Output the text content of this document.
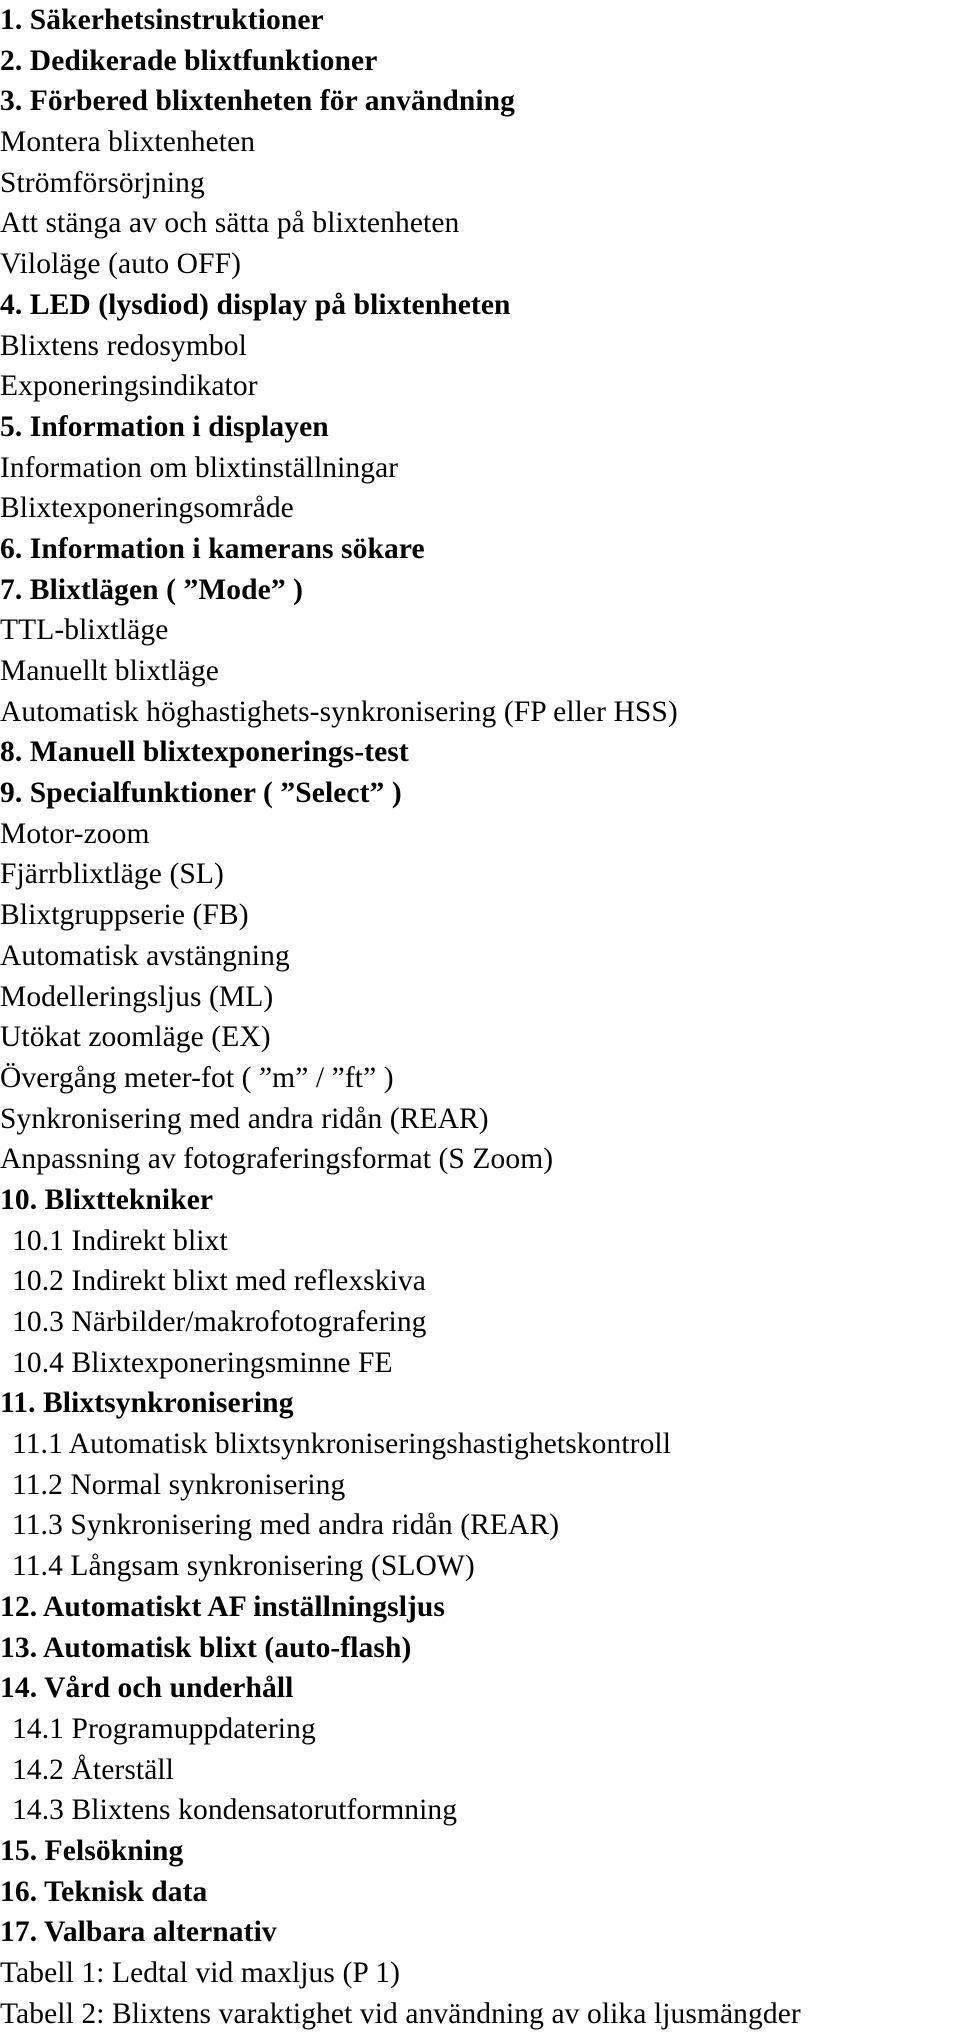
1. Säkerhetsinstruktioner
2. Dedikerade blixtfunktioner
3. Förbered blixtenheten för användning
Montera blixtenheten
Strömförsörjning
Att stänga av och sätta på blixtenheten
Viloläge (auto OFF)
4. LED (lysdiod) display på blixtenheten
Blixtens redosymbol
Exponeringsindikator
5. Information i displayen
Information om blixtinställningar
Blixtexponeringsområde
6. Information i kamerans sökare
7. Blixtlägen ( ”Mode” )
TTL-blixtläge
Manuellt blixtläge
Automatisk höghastighets-synkronisering (FP eller HSS)
8. Manuell blixtexponerings-test
9. Specialfunktioner ( ”Select” )
Motor-zoom
Fjärrblixtläge (SL)
Blixtgruppserie (FB)
Automatisk avstängning
Modelleringsljus (ML)
Utökat zoomläge (EX)
Övergång meter-fot ( ”m” / ”ft” )
Synkronisering med andra ridån (REAR)
Anpassning av fotograferingsformat (S Zoom)
10. Blixttekniker
10.1 Indirekt blixt
10.2 Indirekt blixt med reflexskiva
10.3 Närbilder/makrofotografering
10.4 Blixtexponeringsminne FE
11. Blixtsynkronisering
11.1 Automatisk blixtsynkroniseringshastighetskontroll
11.2 Normal synkronisering
11.3 Synkronisering med andra ridån (REAR)
11.4 Långsam synkronisering (SLOW)
12. Automatiskt AF inställningsljus
13. Automatisk blixt (auto-flash)
14. Vård och underhåll
14.1 Programuppdatering
14.2 Återställ
14.3 Blixtens kondensatorutformning
15. Felsökning
16. Teknisk data
17. Valbara alternativ
Tabell 1: Ledtal vid maxljus (P 1)
Tabell 2: Blixtens varaktighet vid användning av olika ljusmängder
